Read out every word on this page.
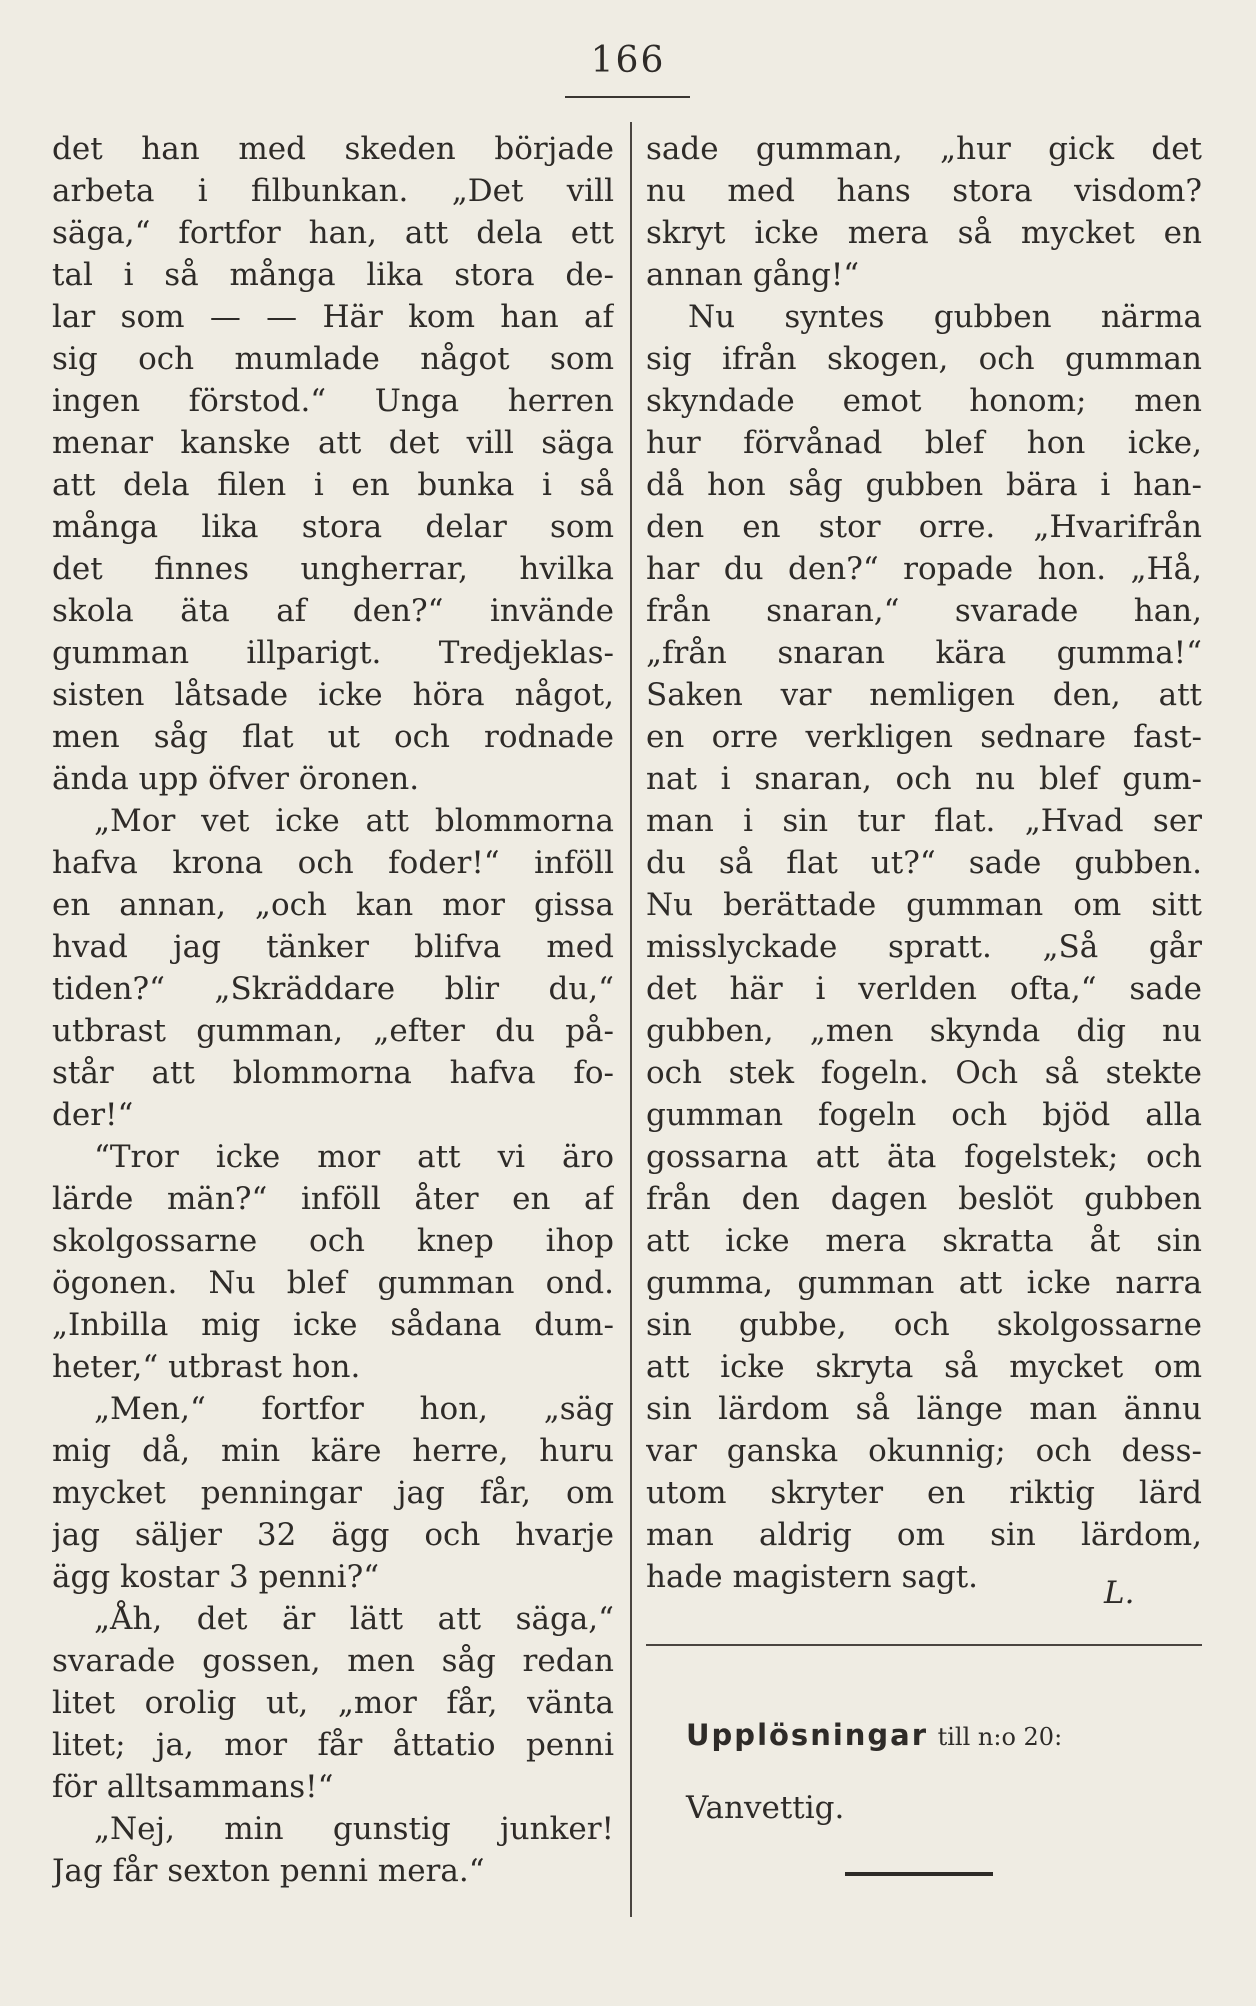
166
det han med skeden började
arbeta i filbunkan. „Det vill
säga,“ fortfor han, att dela ett
tal i så många lika stora de-
lar som — — Här kom han af
sig och mumlade något som
ingen förstod.“ Unga herren
menar kanske att det vill säga
att dela filen i en bunka i så
många lika stora delar som
det finnes ungherrar, hvilka
skola äta af den?“ invände
gumman illparigt. Tredjeklas-
sisten låtsade icke höra något,
men såg flat ut och rodnade
ända upp öfver öronen.
„Mor vet icke att blommorna
hafva krona och foder!“ inföll
en annan, „och kan mor gissa
hvad jag tänker blifva med
tiden?“ „Skräddare blir du,“
utbrast gumman, „efter du på-
står att blommorna hafva fo-
der!“
“Tror icke mor att vi äro
lärde män?“ inföll åter en af
skolgossarne och knep ihop
ögonen. Nu blef gumman ond.
„Inbilla mig icke sådana dum-
heter,“ utbrast hon.
„Men,“ fortfor hon, „säg
mig då, min käre herre, huru
mycket penningar jag får, om
jag säljer 32 ägg och hvarje
ägg kostar 3 penni?“
„Åh, det är lätt att säga,“
svarade gossen, men såg redan
litet orolig ut, „mor får, vänta
litet; ja, mor får åttatio penni
för alltsammans!“
„Nej, min gunstig junker!
Jag får sexton penni mera.“
sade gumman, „hur gick det
nu med hans stora visdom?
skryt icke mera så mycket en
annan gång!“
Nu syntes gubben närma
sig ifrån skogen, och gumman
skyndade emot honom; men
hur förvånad blef hon icke,
då hon såg gubben bära i han-
den en stor orre. „Hvarifrån
har du den?“ ropade hon. „Hå,
från snaran,“ svarade han,
„från snaran kära gumma!“
Saken var nemligen den, att
en orre verkligen sednare fast-
nat i snaran, och nu blef gum-
man i sin tur flat. „Hvad ser
du så flat ut?“ sade gubben.
Nu berättade gumman om sitt
misslyckade spratt. „Så går
det här i verlden ofta,“ sade
gubben, „men skynda dig nu
och stek fogeln. Och så stekte
gumman fogeln och bjöd alla
gossarna att äta fogelstek; och
från den dagen beslöt gubben
att icke mera skratta åt sin
gumma, gumman att icke narra
sin gubbe, och skolgossarne
att icke skryta så mycket om
sin lärdom så länge man ännu
var ganska okunnig; och dess-
utom skryter en riktig lärd
man aldrig om sin lärdom,
hade magistern sagt.	L.
Upplösningar till n:o 20:
Vanvettig.
